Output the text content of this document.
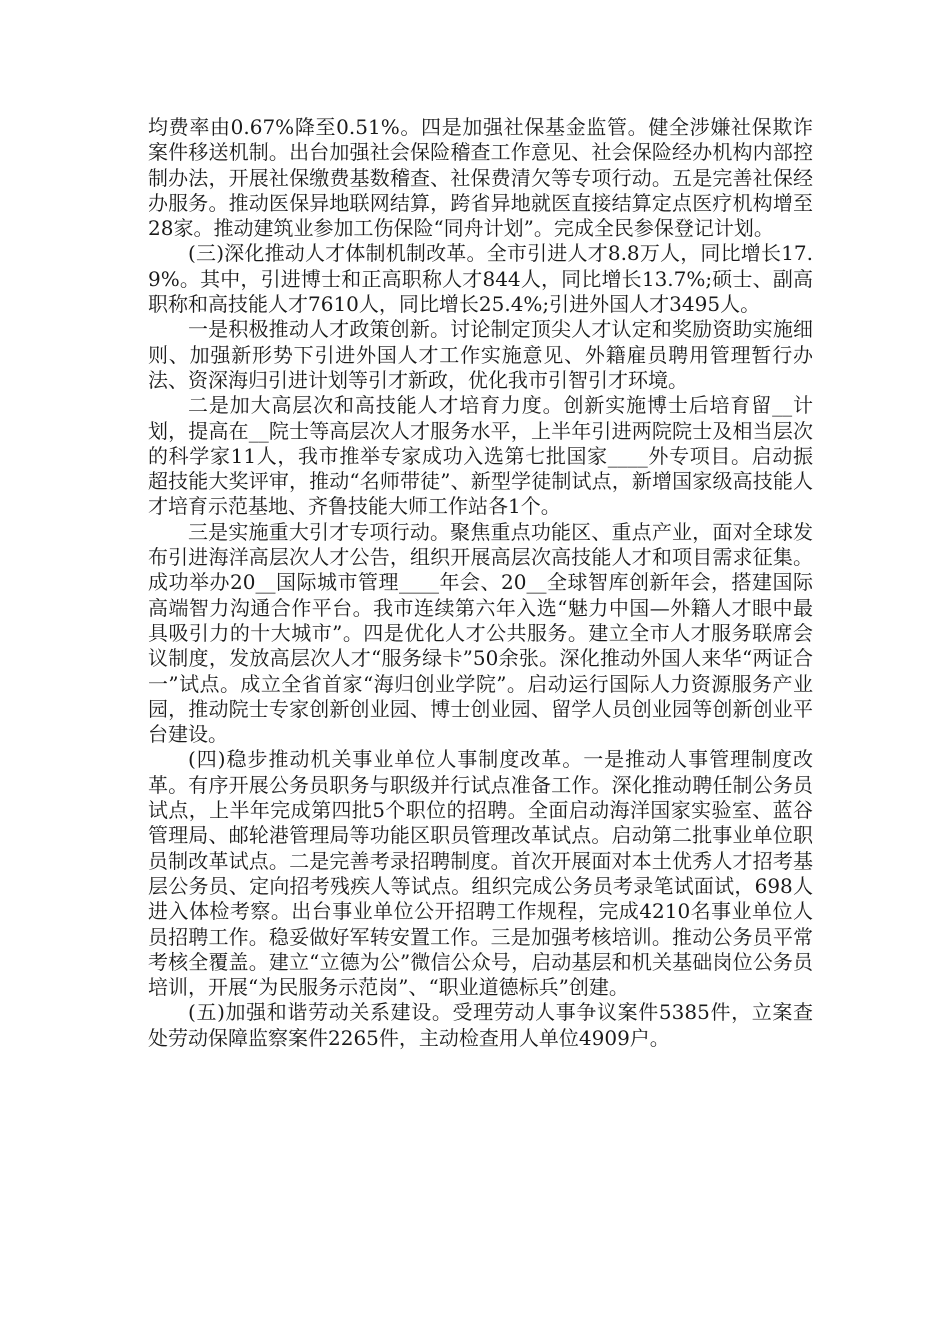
均费率由0.67%降至0.51%。四是加强社保基金监管。健全涉嫌社保欺诈案件移送机制。出台加强社会保险稽查工作意见、社会保险经办机构内部控制办法，开展社保缴费基数稽查、社保费清欠等专项行动。五是完善社保经办服务。推动医保异地联网结算，跨省异地就医直接结算定点医疗机构增至28家。推动建筑业参加工伤保险“同舟计划”。完成全民参保登记计划。

(三)深化推动人才体制机制改革。全市引进人才8.8万人，同比增长17.9%。其中，引进博士和正高职称人才844人，同比增长13.7%;硕士、副高职称和高技能人才7610人，同比增长25.4%;引进外国人才3495人。

一是积极推动人才政策创新。讨论制定顶尖人才认定和奖励资助实施细则、加强新形势下引进外国人才工作实施意见、外籍雇员聘用管理暂行办法、资深海归引进计划等引才新政，优化我市引智引才环境。

二是加大高层次和高技能人才培育力度。创新实施博士后培育留__计划，提高在__院士等高层次人才服务水平，上半年引进两院院士及相当层次的科学家11人，我市推举专家成功入选第七批国家____外专项目。启动振超技能大奖评审，推动“名师带徒”、新型学徒制试点，新增国家级高技能人才培育示范基地、齐鲁技能大师工作站各1个。

三是实施重大引才专项行动。聚焦重点功能区、重点产业，面对全球发布引进海洋高层次人才公告，组织开展高层次高技能人才和项目需求征集。成功举办20__国际城市管理____年会、20__全球智库创新年会，搭建国际高端智力沟通合作平台。我市连续第六年入选“魅力中国—外籍人才眼中最具吸引力的十大城市”。四是优化人才公共服务。建立全市人才服务联席会议制度，发放高层次人才“服务绿卡”50余张。深化推动外国人来华“两证合一”试点。成立全省首家“海归创业学院”。启动运行国际人力资源服务产业园，推动院士专家创新创业园、博士创业园、留学人员创业园等创新创业平台建设。

(四)稳步推动机关事业单位人事制度改革。一是推动人事管理制度改革。有序开展公务员职务与职级并行试点准备工作。深化推动聘任制公务员试点，上半年完成第四批5个职位的招聘。全面启动海洋国家实验室、蓝谷管理局、邮轮港管理局等功能区职员管理改革试点。启动第二批事业单位职员制改革试点。二是完善考录招聘制度。首次开展面对本土优秀人才招考基层公务员、定向招考残疾人等试点。组织完成公务员考录笔试面试，698人进入体检考察。出台事业单位公开招聘工作规程，完成4210名事业单位人员招聘工作。稳妥做好军转安置工作。三是加强考核培训。推动公务员平常考核全覆盖。建立“立德为公”微信公众号，启动基层和机关基础岗位公务员培训，开展“为民服务示范岗”、“职业道德标兵”创建。

(五)加强和谐劳动关系建设。受理劳动人事争议案件5385件，立案查处劳动保障监察案件2265件，主动检查用人单位4909户。
